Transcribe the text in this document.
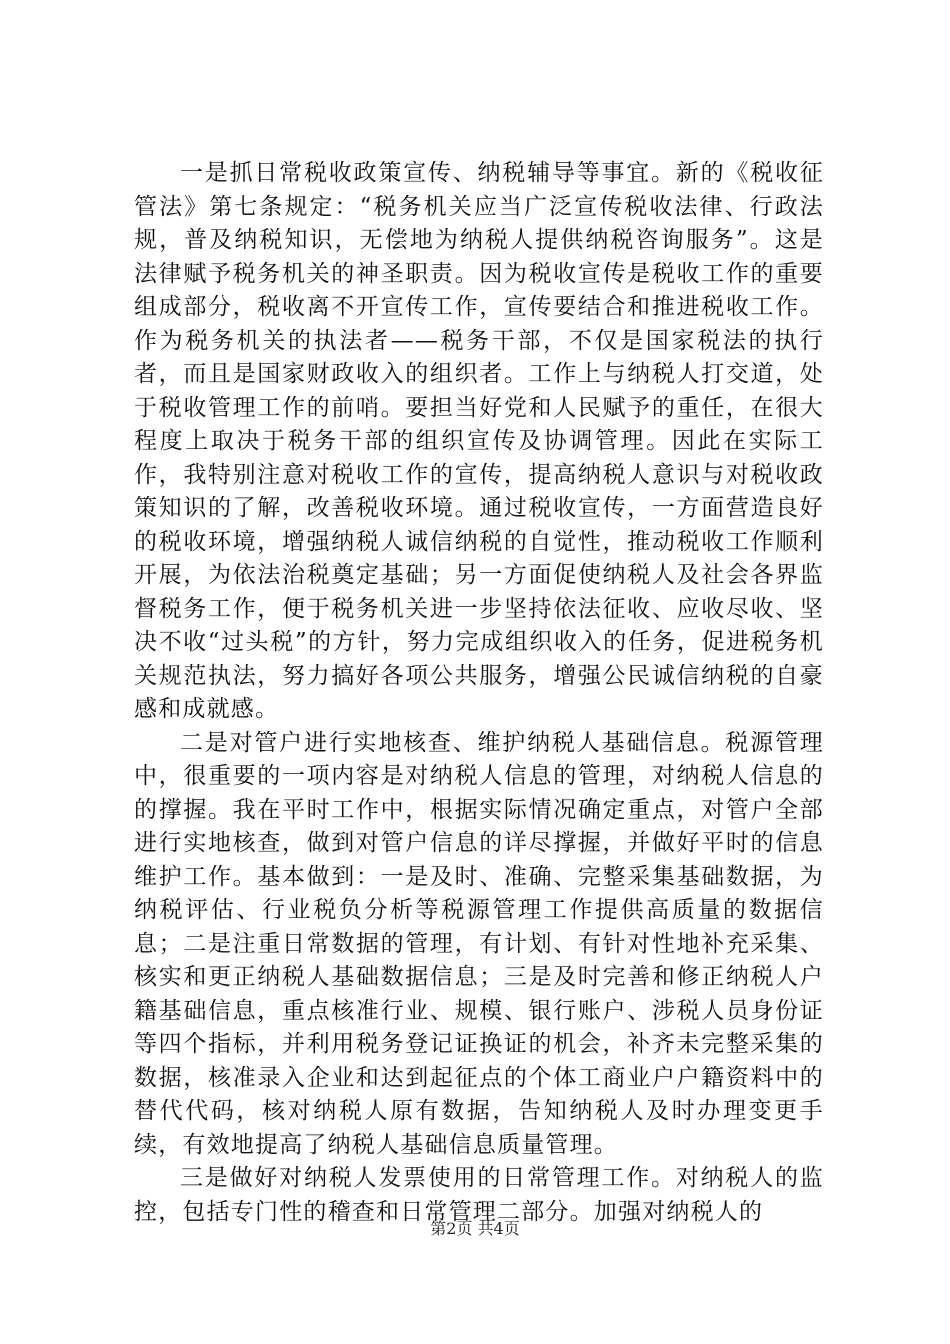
一是抓日常税收政策宣传、纳税辅导等事宜。新的《税收征管法》第七条规定：“税务机关应当广泛宣传税收法律、行政法规，普及纳税知识，无偿地为纳税人提供纳税咨询服务”。这是法律赋予税务机关的神圣职责。因为税收宣传是税收工作的重要组成部分，税收离不开宣传工作，宣传要结合和推进税收工作。作为税务机关的执法者——税务干部，不仅是国家税法的执行者，而且是国家财政收入的组织者。工作上与纳税人打交道，处于税收管理工作的前哨。要担当好党和人民赋予的重任，在很大程度上取决于税务干部的组织宣传及协调管理。因此在实际工作，我特别注意对税收工作的宣传，提高纳税人意识与对税收政策知识的了解，改善税收环境。通过税收宣传，一方面营造良好的税收环境，增强纳税人诚信纳税的自觉性，推动税收工作顺利开展，为依法治税奠定基础；另一方面促使纳税人及社会各界监督税务工作，便于税务机关进一步坚持依法征收、应收尽收、坚决不收“过头税”的方针，努力完成组织收入的任务，促进税务机关规范执法，努力搞好各项公共服务，增强公民诚信纳税的自豪感和成就感。

二是对管户进行实地核查、维护纳税人基础信息。税源管理中，很重要的一项内容是对纳税人信息的管理，对纳税人信息的的撑握。我在平时工作中，根据实际情况确定重点，对管户全部进行实地核查，做到对管户信息的详尽撑握，并做好平时的信息维护工作。基本做到：一是及时、准确、完整采集基础数据，为纳税评估、行业税负分析等税源管理工作提供高质量的数据信息；二是注重日常数据的管理，有计划、有针对性地补充采集、核实和更正纳税人基础数据信息；三是及时完善和修正纳税人户籍基础信息，重点核准行业、规模、银行账户、涉税人员身份证等四个指标，并利用税务登记证换证的机会，补齐未完整采集的数据，核准录入企业和达到起征点的个体工商业户户籍资料中的替代代码，核对纳税人原有数据，告知纳税人及时办理变更手续，有效地提高了纳税人基础信息质量管理。

三是做好对纳税人发票使用的日常管理工作。对纳税人的监控，包括专门性的稽查和日常管理二部分。加强对纳税人的

第2页 共4页
